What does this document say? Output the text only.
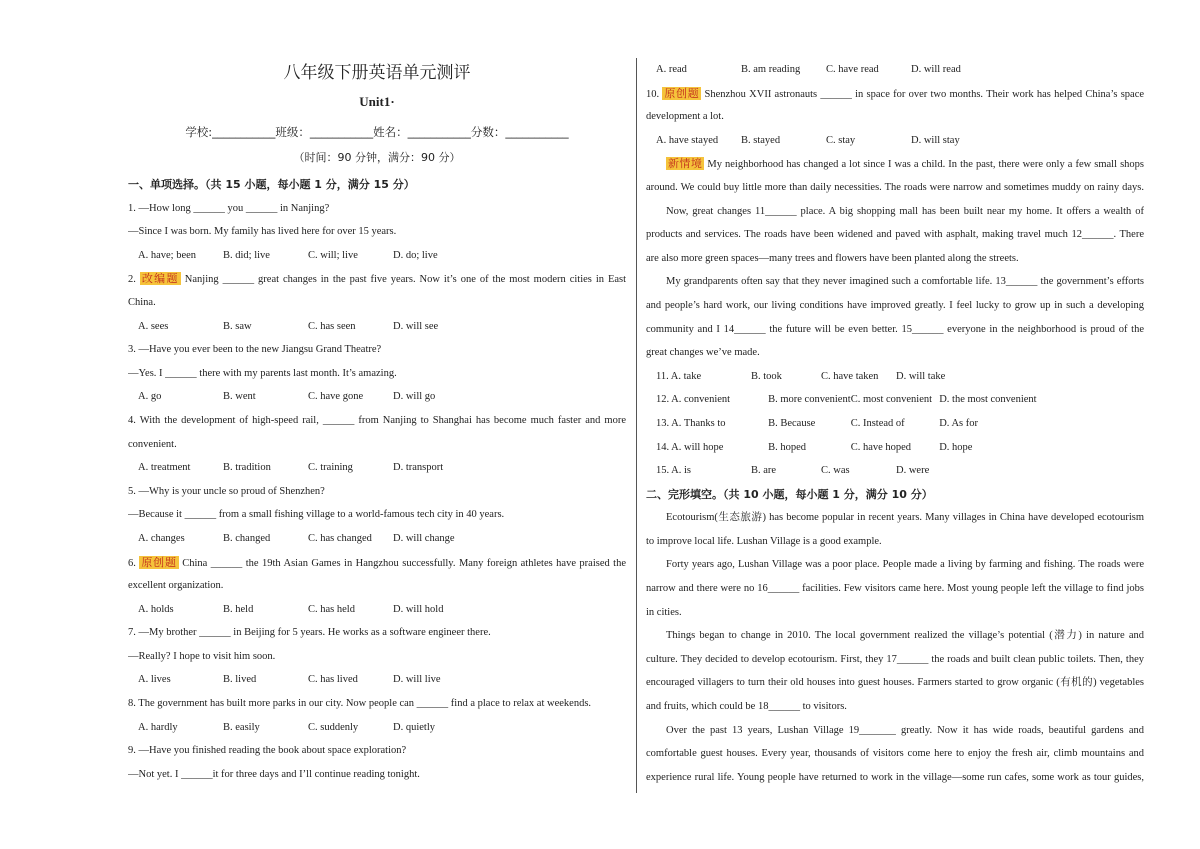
八年级下册英语单元测评
Unit1·
学校:___________班级：___________姓名：___________分数：___________
（时间：90 分钟，满分：90 分）
一、单项选择。（共 15 小题，每小题 1 分，满分 15 分）
1. —How long ______ you ______ in Nanjing?
—Since I was born. My family has lived here for over 15 years.
A. have; been	B. did; live	C. will; live	D. do; live
2. 改编题 Nanjing ______ great changes in the past five years. Now it’s one of the most modern cities in East
China.
A. sees	B. saw	C. has seen	D. will see
3. —Have you ever been to the new Jiangsu Grand Theatre?
—Yes. I ______ there with my parents last month. It’s amazing.
A. go	B. went	C. have gone	D. will go
4. With the development of high-speed rail, ______ from Nanjing to Shanghai has become much faster and more
convenient.
A. treatment	B. tradition	C. training	D. transport
5. —Why is your uncle so proud of Shenzhen?
—Because it ______ from a small fishing village to a world-famous tech city in 40 years.
A. changes	B. changed	C. has changed D. will change
6. 原创题 China ______ the 19th Asian Games in Hangzhou successfully. Many foreign athletes have praised the
excellent organization.
A. holds	B. held	C. has held	D. will hold
7. —My brother ______ in Beijing for 5 years. He works as a software engineer there.
—Really? I hope to visit him soon.
A. lives	B. lived	C. has lived	D. will live
8. The government has built more parks in our city. Now people can ______ find a place to relax at weekends.
A. hardly	B. easily	C. suddenly	D. quietly
9. —Have you finished reading the book about space exploration?
—Not yet. I ______it for three days and I’ll continue reading tonight.
A. read	B. am reading C. have read	D. will read
10. 原创题 Shenzhou XVII astronauts ______ in space for over two months. Their work has helped China’s space
development a lot.
A. have stayed B. stayed	C. stay	D. will stay
新情境 My neighborhood has changed a lot since I was a child. In the past, there were only a few small shops
around. We could buy little more than daily necessities. The roads were narrow and sometimes muddy on rainy days.
Now, great changes 11______ place. A big shopping mall has been built near my home. It offers a wealth of
products and services. The roads have been widened and paved with asphalt, making travel much 12______. There
are also more green spaces—many trees and flowers have been planted along the streets.
My grandparents often say that they never imagined such a comfortable life. 13______ the government’s efforts
and people’s hard work, our living conditions have improved greatly. I feel lucky to grow up in such a developing
community and I 14______ the future will be even better. 15______ everyone in the neighborhood is proud of the
great changes we’ve made.
11. A. take	B. took	C. have taken D. will take
12. A. convenient	B. more convenient C. most convenient D. the most convenient
13. A. Thanks to	B. Because	C. Instead of	D. As for
14. A. will hope	B. hoped	C. have hoped	D. hope
15. A. is	B. are	C. was	D. were
二、完形填空。（共 10 小题，每小题 1 分，满分 10 分）
Ecotourism(生态旅游) has become popular in recent years. Many villages in China have developed ecotourism
to improve local life. Lushan Village is a good example.
Forty years ago, Lushan Village was a poor place. People made a living by farming and fishing. The roads were
narrow and there were no 16______ facilities. Few visitors came here. Most young people left the village to find jobs
in cities.
Things began to change in 2010. The local government realized the village’s potential (潜力) in nature and
culture. They decided to develop ecotourism. First, they 17______ the roads and built clean public toilets. Then, they
encouraged villagers to turn their old houses into guest houses. Farmers started to grow organic (有机的) vegetables
and fruits, which could be 18______ to visitors.
Over the past 13 years, Lushan Village 19_______ greatly. Now it has wide roads, beautiful gardens and
comfortable guest houses. Every year, thousands of visitors come here to enjoy the fresh air, climb mountains and
experience rural life. Young people have returned to work in the village—some run cafes, some work as tour guides,
